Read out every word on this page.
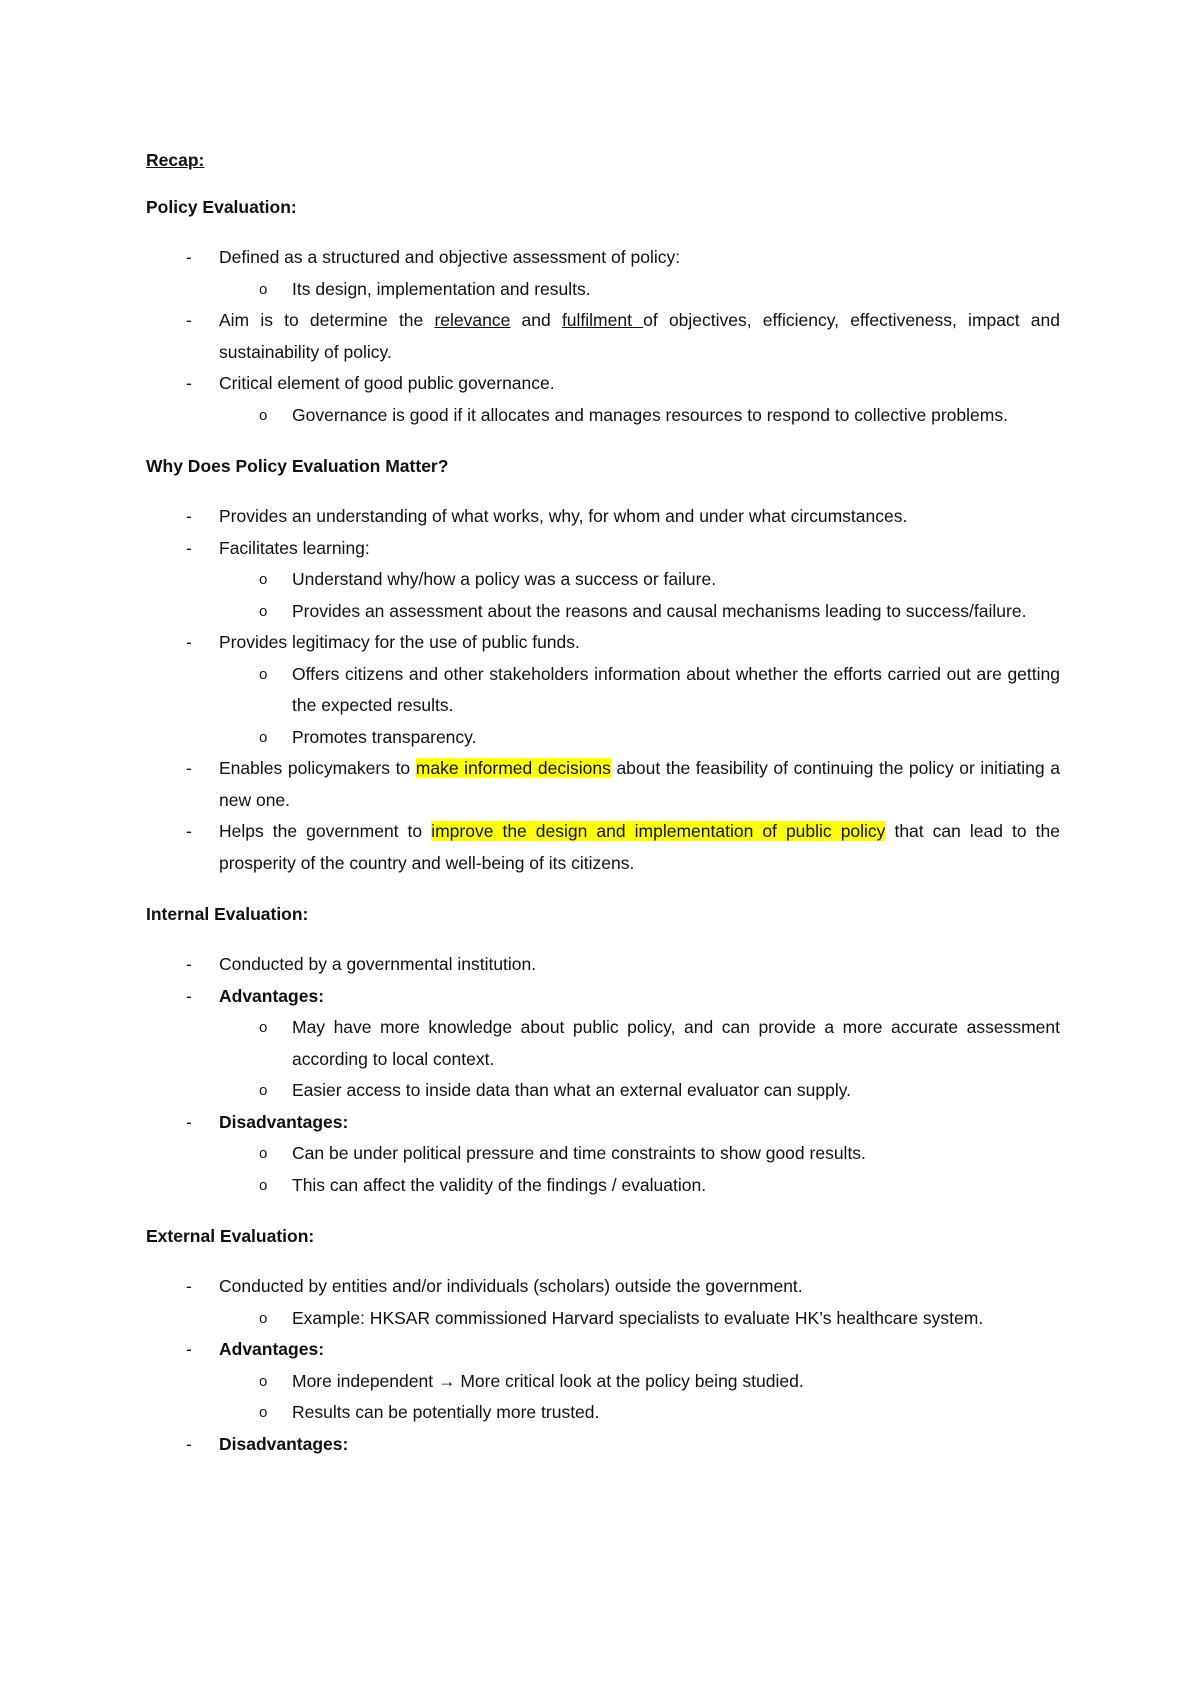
Recap:

Policy Evaluation:

- Defined as a structured and objective assessment of policy:
o Its design, implementation and results.
- Aim is to determine the relevance and fulfilment of objectives, efficiency, effectiveness, impact and sustainability of policy.
- Critical element of good public governance.
o Governance is good if it allocates and manages resources to respond to collective problems.

Why Does Policy Evaluation Matter?

- Provides an understanding of what works, why, for whom and under what circumstances.
- Facilitates learning:
o Understand why/how a policy was a success or failure.
o Provides an assessment about the reasons and causal mechanisms leading to success/failure.
- Provides legitimacy for the use of public funds.
o Offers citizens and other stakeholders information about whether the efforts carried out are getting the expected results.
o Promotes transparency.
- Enables policymakers to make informed decisions about the feasibility of continuing the policy or initiating a new one.
- Helps the government to improve the design and implementation of public policy that can lead to the prosperity of the country and well-being of its citizens.

Internal Evaluation:

- Conducted by a governmental institution.
- Advantages:
o May have more knowledge about public policy, and can provide a more accurate assessment according to local context.
o Easier access to inside data than what an external evaluator can supply.
- Disadvantages:
o Can be under political pressure and time constraints to show good results.
o This can affect the validity of the findings / evaluation.

External Evaluation:

- Conducted by entities and/or individuals (scholars) outside the government.
o Example: HKSAR commissioned Harvard specialists to evaluate HK’s healthcare system.
- Advantages:
o More independent → More critical look at the policy being studied.
o Results can be potentially more trusted.
- Disadvantages:
